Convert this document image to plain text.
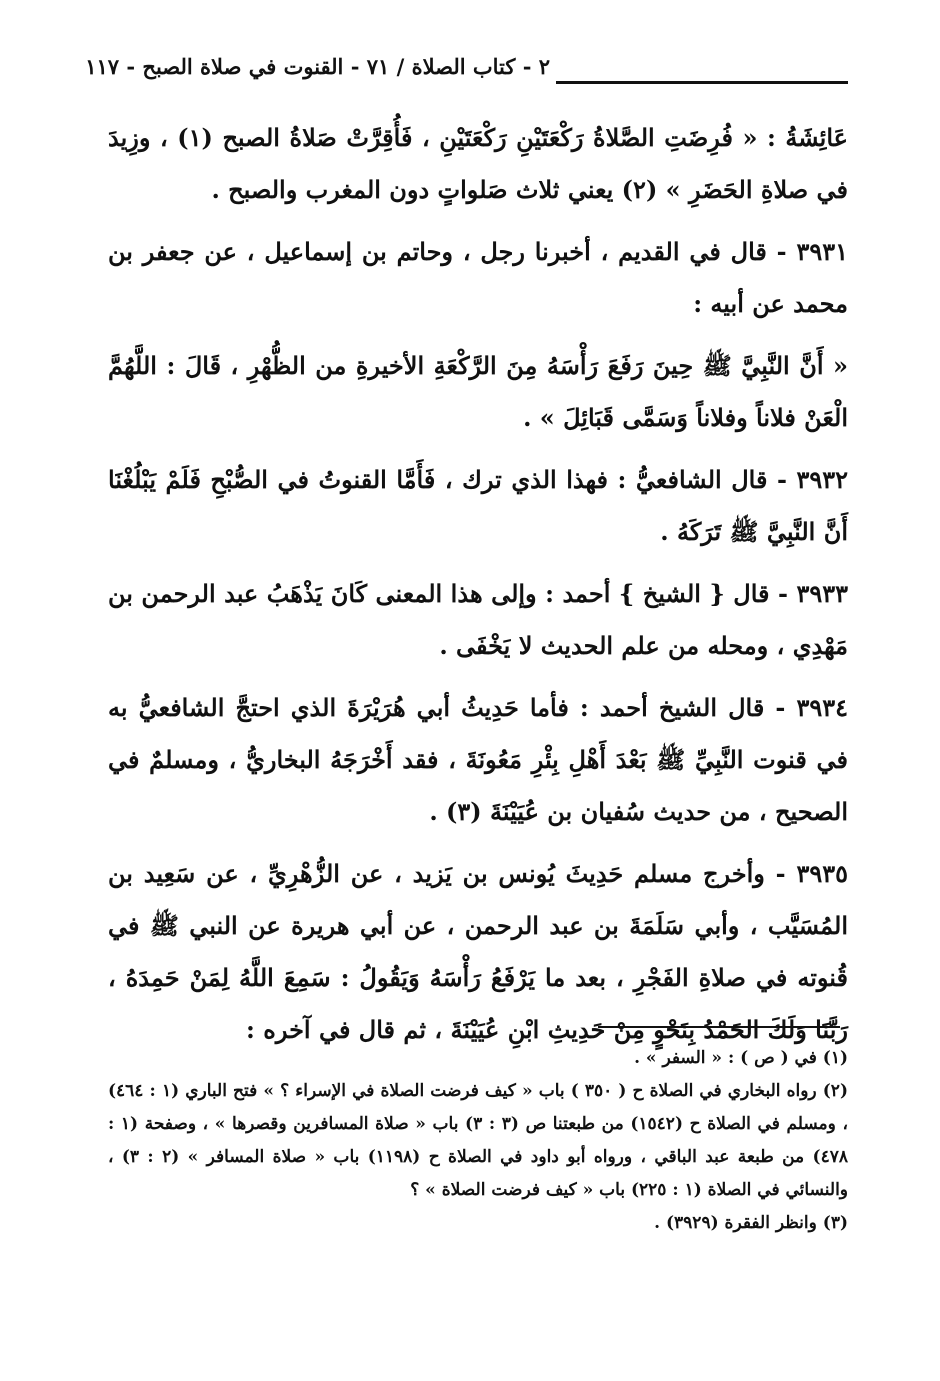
٢ - كتاب الصلاة / ٧١ - القنوت في صلاة الصبح - ١١٧

عَائِشَةُ : « فُرِضَتِ الصَّلاةُ رَكْعَتَيْنِ رَكْعَتَيْنِ ، فَأُقِرَّتْ صَلاةُ الصبح (١) ، وزِيدَ في صلاةِ الحَضَرِ » (٢) يعني ثلاث صَلواتٍ دون المغرب والصبح .

٣٩٣١ - قال في القديم ، أخبرنا رجل ، وحاتم بن إسماعيل ، عن جعفر بن محمد عن أبيه :

« أَنَّ النَّبِيَّ ﷺ حِينَ رَفَعَ رَأْسَهُ مِنَ الرَّكْعَةِ الأخيرةِ من الظُّهْرِ ، قَالَ : اللَّهُمَّ الْعَنْ فلاناً وفلاناً وَسَمَّى قَبَائِلَ » .

٣٩٣٢ - قال الشافعيُّ : فهذا الذي ترك ، فَأَمَّا القنوتُ في الصُّبْحِ فَلَمْ يَبْلُغْنَا أَنَّ النَّبِيَّ ﷺ تَرَكَهُ .

٣٩٣٣ - قال { الشيخ } أحمد : وإلى هذا المعنى كَانَ يَذْهَبُ عبد الرحمن بن مَهْدِي ، ومحله من علم الحديث لا يَخْفَى .

٣٩٣٤ - قال الشيخ أحمد : فأما حَدِيثُ أبي هُرَيْرَةَ الذي احتجَّ الشافعيُّ به في قنوت النَّبِيِّ ﷺ بَعْدَ أَهْلِ بِئْرِ مَعُونَةَ ، فقد أَخْرَجَهُ البخاريُّ ، ومسلمٌ في الصحيح ، من حديث سُفيان بن عُيَيْنَةَ (٣) .

٣٩٣٥ - وأخرج مسلم حَدِيثَ يُونس بن يَزيد ، عن الزُّهْرِيِّ ، عن سَعِيد بن المُسَيَّب ، وأبي سَلَمَةَ بن عبد الرحمن ، عن أبي هريرة عن النبي ﷺ في قُنوته في صلاةِ الفَجْرِ ، بعد ما يَرْفَعُ رَأْسَهُ وَيَقُولُ : سَمِعَ اللَّهُ لِمَنْ حَمِدَهُ ، رَبَّنَا وَلَكَ الحَمْدُ بِنَحْوٍ مِنْ حَدِيثِ ابْنِ عُيَيْنَةَ ، ثم قال في آخره :

(١) في ( ص ) : « السفر » .

(٢) رواه البخاري في الصلاة ح ( ٣٥٠ ) باب « كيف فرضت الصلاة في الإسراء ؟ » فتح الباري (١ : ٤٦٤) ، ومسلم في الصلاة ح (١٥٤٢) من طبعتنا ص (٣ : ٣) باب « صلاة المسافرين وقصرها » ، وصفحة (١ : ٤٧٨) من طبعة عبد الباقي ، ورواه أبو داود في الصلاة ح (١١٩٨) باب « صلاة المسافر » (٢ : ٣) ، والنسائي في الصلاة (١ : ٢٢٥) باب « كيف فرضت الصلاة » ؟

(٣) وانظر الفقرة (٣٩٢٩) .
